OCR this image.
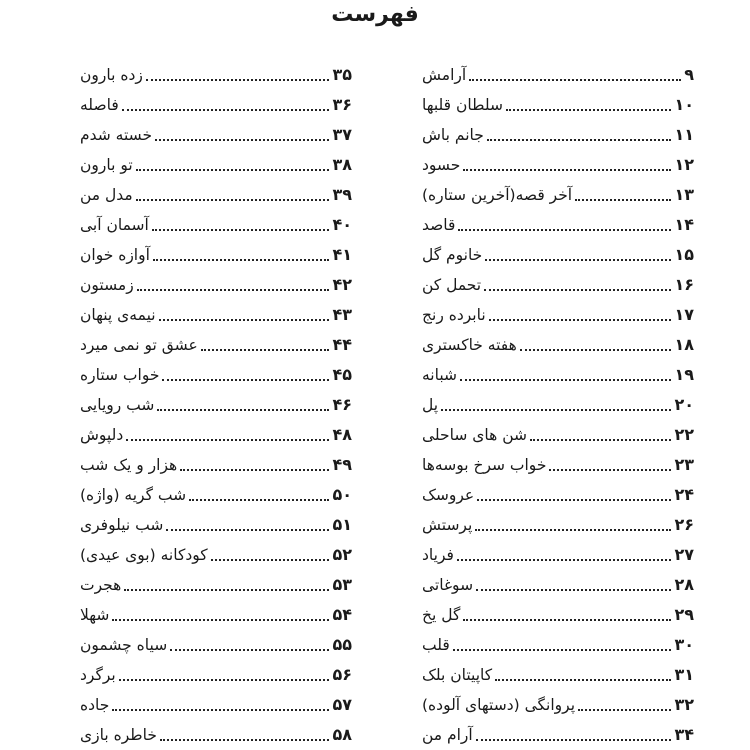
فهرست
آرامش	۹
سلطان قلبها	۱۰
جانم باش	۱۱
حسود	۱۲
آخر قصه(آخرین ستاره)	۱۳
قاصد	۱۴
خانوم گل	۱۵
تحمل کن	۱۶
نابرده رنج	۱۷
هفته خاکستری	۱۸
شبانه	۱۹
پل	۲۰
شن های ساحلی	۲۲
خواب سرخ بوسه‌ها	۲۳
عروسک	۲۴
پرستش	۲۶
فریاد	۲۷
سوغاتی	۲۸
گل یخ	۲۹
قلب	۳۰
کاپیتان بلک	۳۱
پروانگی (دستهای آلوده)	۳۲
آرام من	۳۴
زده بارون	۳۵
فاصله	۳۶
خسته شدم	۳۷
تو بارون	۳۸
مدل من	۳۹
آسمان آبی	۴۰
آوازه خوان	۴۱
زمستون	۴۲
نیمه‌ی پنهان	۴۳
عشق تو نمی میرد	۴۴
خواب ستاره	۴۵
شب رویایی	۴۶
دلپوش	۴۸
هزار و یک شب	۴۹
شب گریه (واژه)	۵۰
شب نیلوفری	۵۱
کودکانه (بوی عیدی)	۵۲
هجرت	۵۳
شهلا	۵۴
سیاه چشمون	۵۵
برگرد	۵۶
جاده	۵۷
خاطره بازی	۵۸
